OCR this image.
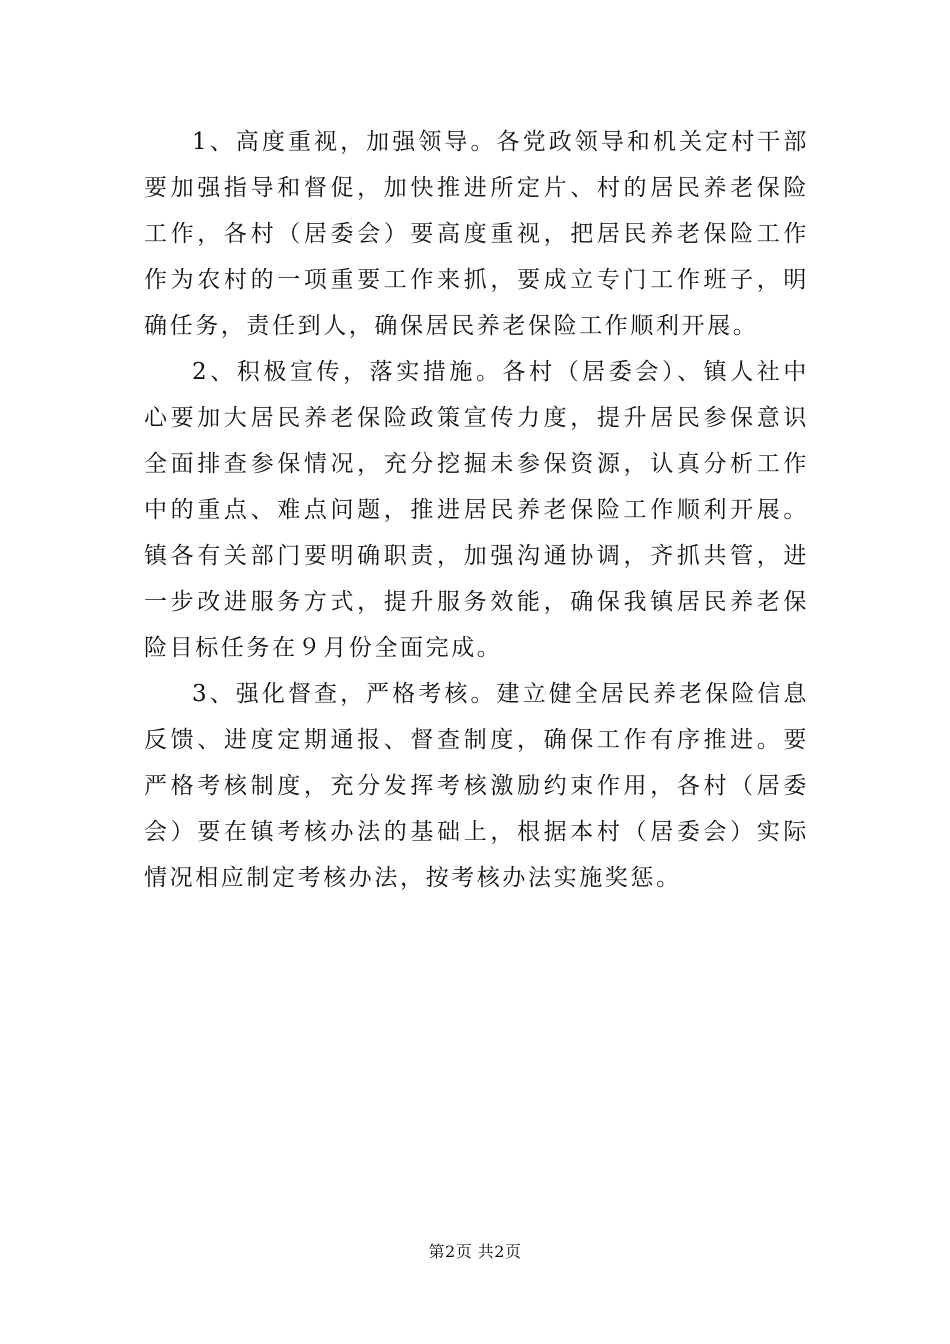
1、高度重视，加强领导。各党政领导和机关定村干部要加强指导和督促，加快推进所定片、村的居民养老保险工作，各村（居委会）要高度重视，把居民养老保险工作作为农村的一项重要工作来抓，要成立专门工作班子，明确任务，责任到人，确保居民养老保险工作顺利开展。

2、积极宣传，落实措施。各村（居委会）、镇人社中心要加大居民养老保险政策宣传力度，提升居民参保意识全面排查参保情况，充分挖掘未参保资源，认真分析工作中的重点、难点问题，推进居民养老保险工作顺利开展。镇各有关部门要明确职责，加强沟通协调，齐抓共管，进一步改进服务方式，提升服务效能，确保我镇居民养老保险目标任务在９月份全面完成。

3、强化督查，严格考核。建立健全居民养老保险信息反馈、进度定期通报、督查制度，确保工作有序推进。要严格考核制度，充分发挥考核激励约束作用，各村（居委会）要在镇考核办法的基础上，根据本村（居委会）实际情况相应制定考核办法，按考核办法实施奖惩。

第2页 共2页
